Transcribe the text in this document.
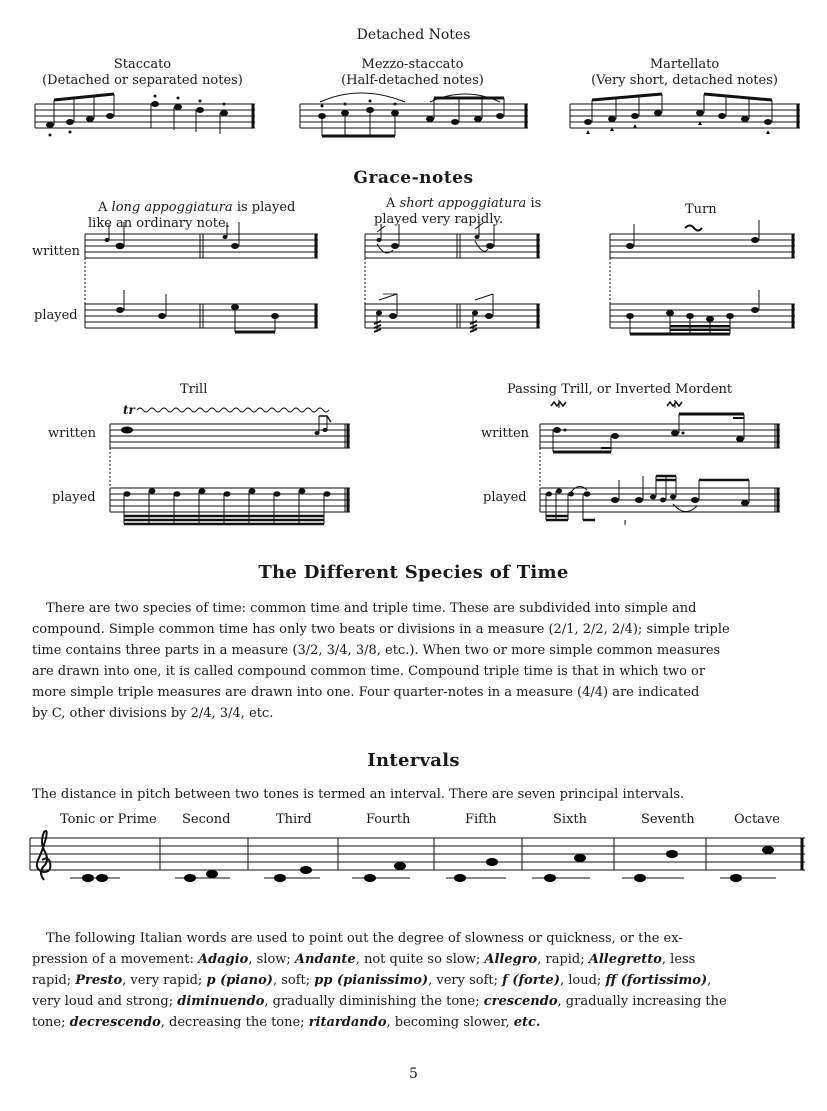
Detached Notes
Staccato
(Detached or separated notes)
Mezzo-staccato
(Half-detached notes)
Martellato
(Very short, detached notes)
Grace-notes
A long appoggiatura is played
like an ordinary note.
A short appoggiatura is
played very rapidly.
Turn
written
played
Trill	Passing Trill, or Inverted Mordent
written
played
written
played
tr
The Different Species of Time
There are two species of time: common time and triple time. These are subdivided into simple and
compound. Simple common time has only two beats or divisions in a measure (2/1, 2/2, 2/4); simple triple
time contains three parts in a measure (3/2, 3/4, 3/8, etc.). When two or more simple common measures
are drawn into one, it is called compound common time. Compound triple time is that in which two or
more simple triple measures are drawn into one. Four quarter-notes in a measure (4/4) are indicated
by C, other divisions by 2/4, 3/4, etc.
Intervals
The distance in pitch between two tones is termed an interval. There are seven principal intervals.
Tonic or Prime Second	Third	Fourth	Fifth	Sixth	Seventh	Octave
The following Italian words are used to point out the degree of slowness or quickness, or the ex-
pression of a movement: Adagio, slow; Andante, not quite so slow; Allegro, rapid; Allegretto, less
rapid; Presto, very rapid; p (piano), soft; pp (pianissimo), very soft; f (forte), loud; ff (fortissimo),
very loud and strong; diminuendo, gradually diminishing the tone; crescendo, gradually increasing the
tone; decrescendo, decreasing the tone; ritardando, becoming slower, etc.
5
